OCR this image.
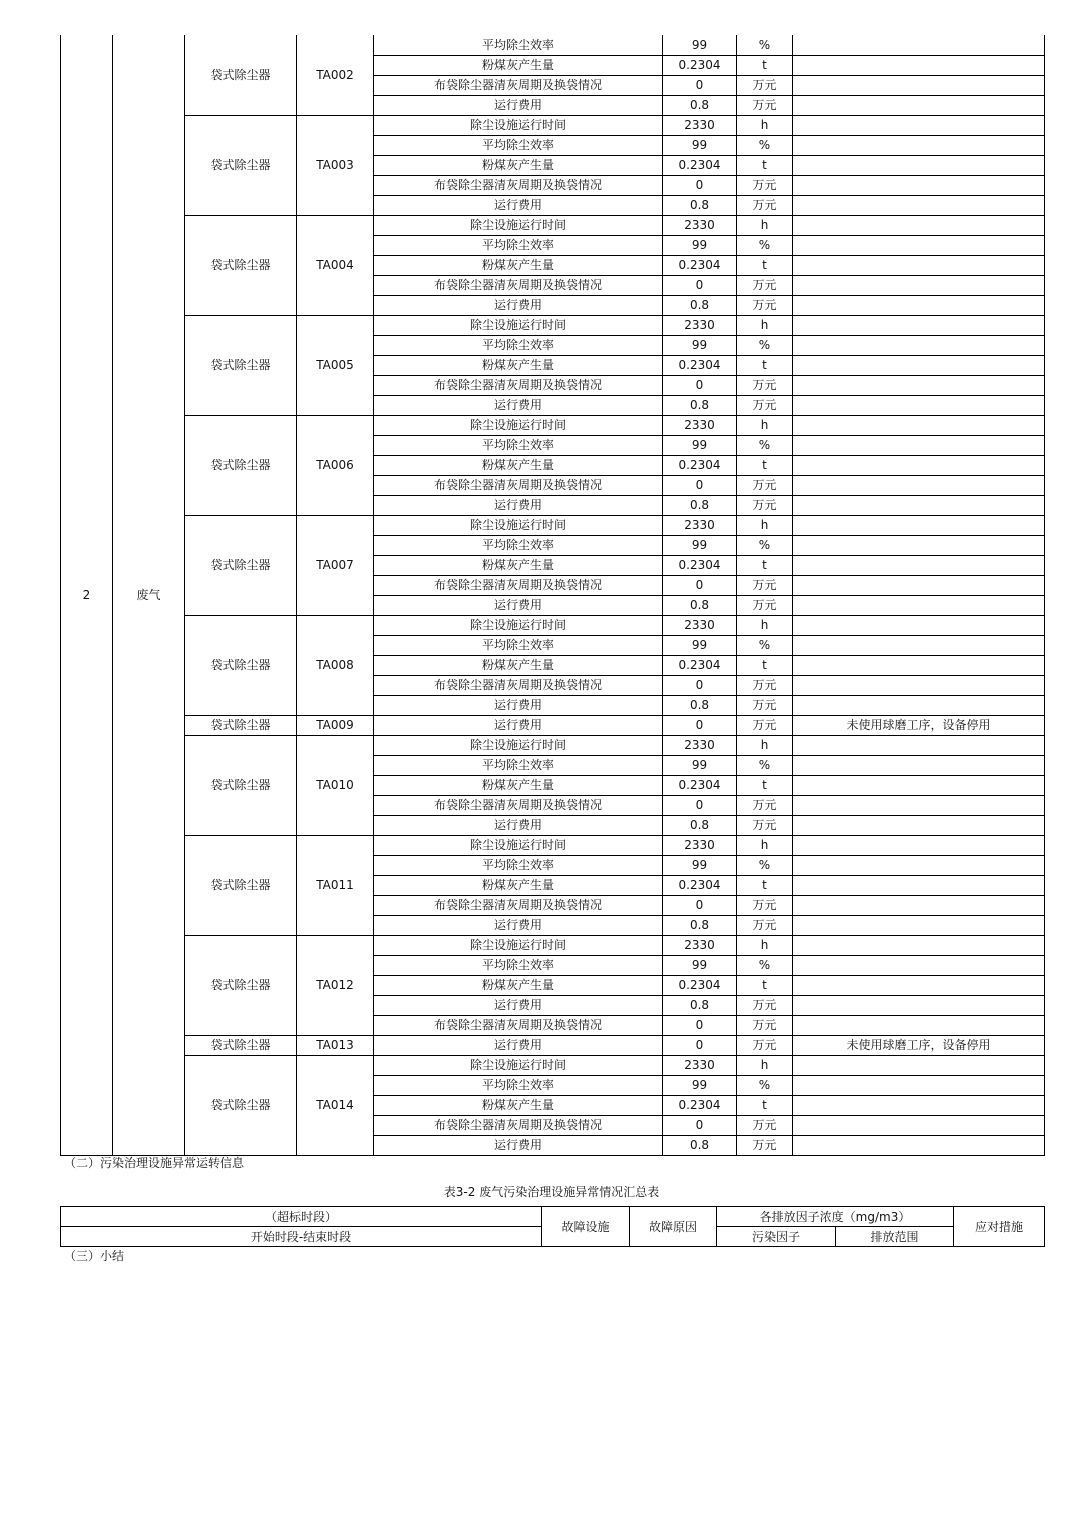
2	废气	袋式除尘器	TA002	平均除尘效率	99	%	
				粉煤灰产生量	0.2304	t	
				布袋除尘器清灰周期及换袋情况	0	万元	
				运行费用	0.8	万元	
		袋式除尘器	TA003	除尘设施运行时间	2330	h	
				平均除尘效率	99	%	
				粉煤灰产生量	0.2304	t	
				布袋除尘器清灰周期及换袋情况	0	万元	
				运行费用	0.8	万元	
		袋式除尘器	TA004	除尘设施运行时间	2330	h	
				平均除尘效率	99	%	
				粉煤灰产生量	0.2304	t	
				布袋除尘器清灰周期及换袋情况	0	万元	
				运行费用	0.8	万元	
		袋式除尘器	TA005	除尘设施运行时间	2330	h	
				平均除尘效率	99	%	
				粉煤灰产生量	0.2304	t	
				布袋除尘器清灰周期及换袋情况	0	万元	
				运行费用	0.8	万元	
		袋式除尘器	TA006	除尘设施运行时间	2330	h	
				平均除尘效率	99	%	
				粉煤灰产生量	0.2304	t	
				布袋除尘器清灰周期及换袋情况	0	万元	
				运行费用	0.8	万元	
		袋式除尘器	TA007	除尘设施运行时间	2330	h	
				平均除尘效率	99	%	
				粉煤灰产生量	0.2304	t	
				布袋除尘器清灰周期及换袋情况	0	万元	
				运行费用	0.8	万元	
		袋式除尘器	TA008	除尘设施运行时间	2330	h	
				平均除尘效率	99	%	
				粉煤灰产生量	0.2304	t	
				布袋除尘器清灰周期及换袋情况	0	万元	
				运行费用	0.8	万元	
		袋式除尘器	TA009	运行费用	0	万元	未使用球磨工序，设备停用
		袋式除尘器	TA010	除尘设施运行时间	2330	h	
				平均除尘效率	99	%	
				粉煤灰产生量	0.2304	t	
				布袋除尘器清灰周期及换袋情况	0	万元	
				运行费用	0.8	万元	
		袋式除尘器	TA011	除尘设施运行时间	2330	h	
				平均除尘效率	99	%	
				粉煤灰产生量	0.2304	t	
				布袋除尘器清灰周期及换袋情况	0	万元	
				运行费用	0.8	万元	
		袋式除尘器	TA012	除尘设施运行时间	2330	h	
				平均除尘效率	99	%	
				粉煤灰产生量	0.2304	t	
				运行费用	0.8	万元	
				布袋除尘器清灰周期及换袋情况	0	万元	
		袋式除尘器	TA013	运行费用	0	万元	未使用球磨工序，设备停用
		袋式除尘器	TA014	除尘设施运行时间	2330	h	
				平均除尘效率	99	%	
				粉煤灰产生量	0.2304	t	
				布袋除尘器清灰周期及换袋情况	0	万元	
				运行费用	0.8	万元	
（二）污染治理设施异常运转信息
表3-2 废气污染治理设施异常情况汇总表
（超标时段）	故障设施	故障原因	各排放因子浓度（mg/m3）		应对措施
开始时段-结束时段			污染因子	排放范围	
（三）小结
